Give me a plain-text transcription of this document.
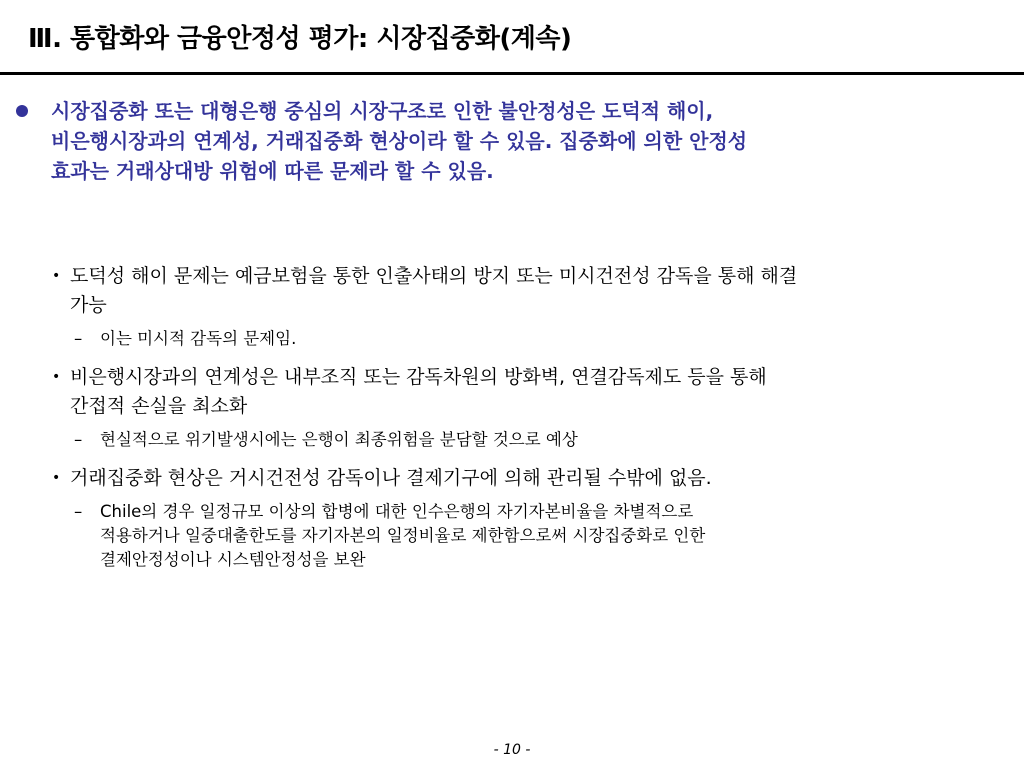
Ⅲ. 통합화와 금융안정성 평가: 시장집중화(계속)
시장집중화 또는 대형은행 중심의 시장구조로 인한 불안정성은 도덕적 해이,
비은행시장과의 연계성, 거래집중화 현상이라 할 수 있음. 집중화에 의한 안정성
효과는 거래상대방 위험에 따른 문제라 할 수 있음.
• 도덕성 해이 문제는 예금보험을 통한 인출사태의 방지 또는 미시건전성 감독을 통해 해결
가능
– 이는 미시적 감독의 문제임.
• 비은행시장과의 연계성은 내부조직 또는 감독차원의 방화벽, 연결감독제도 등을 통해
간접적 손실을 최소화
– 현실적으로 위기발생시에는 은행이 최종위험을 분담할 것으로 예상
• 거래집중화 현상은 거시건전성 감독이나 결제기구에 의해 관리될 수밖에 없음.
– Chile의 경우 일정규모 이상의 합병에 대한 인수은행의 자기자본비율을 차별적으로
적용하거나 일중대출한도를 자기자본의 일정비율로 제한함으로써 시장집중화로 인한
결제안정성이나 시스템안정성을 보완
- 10 -
